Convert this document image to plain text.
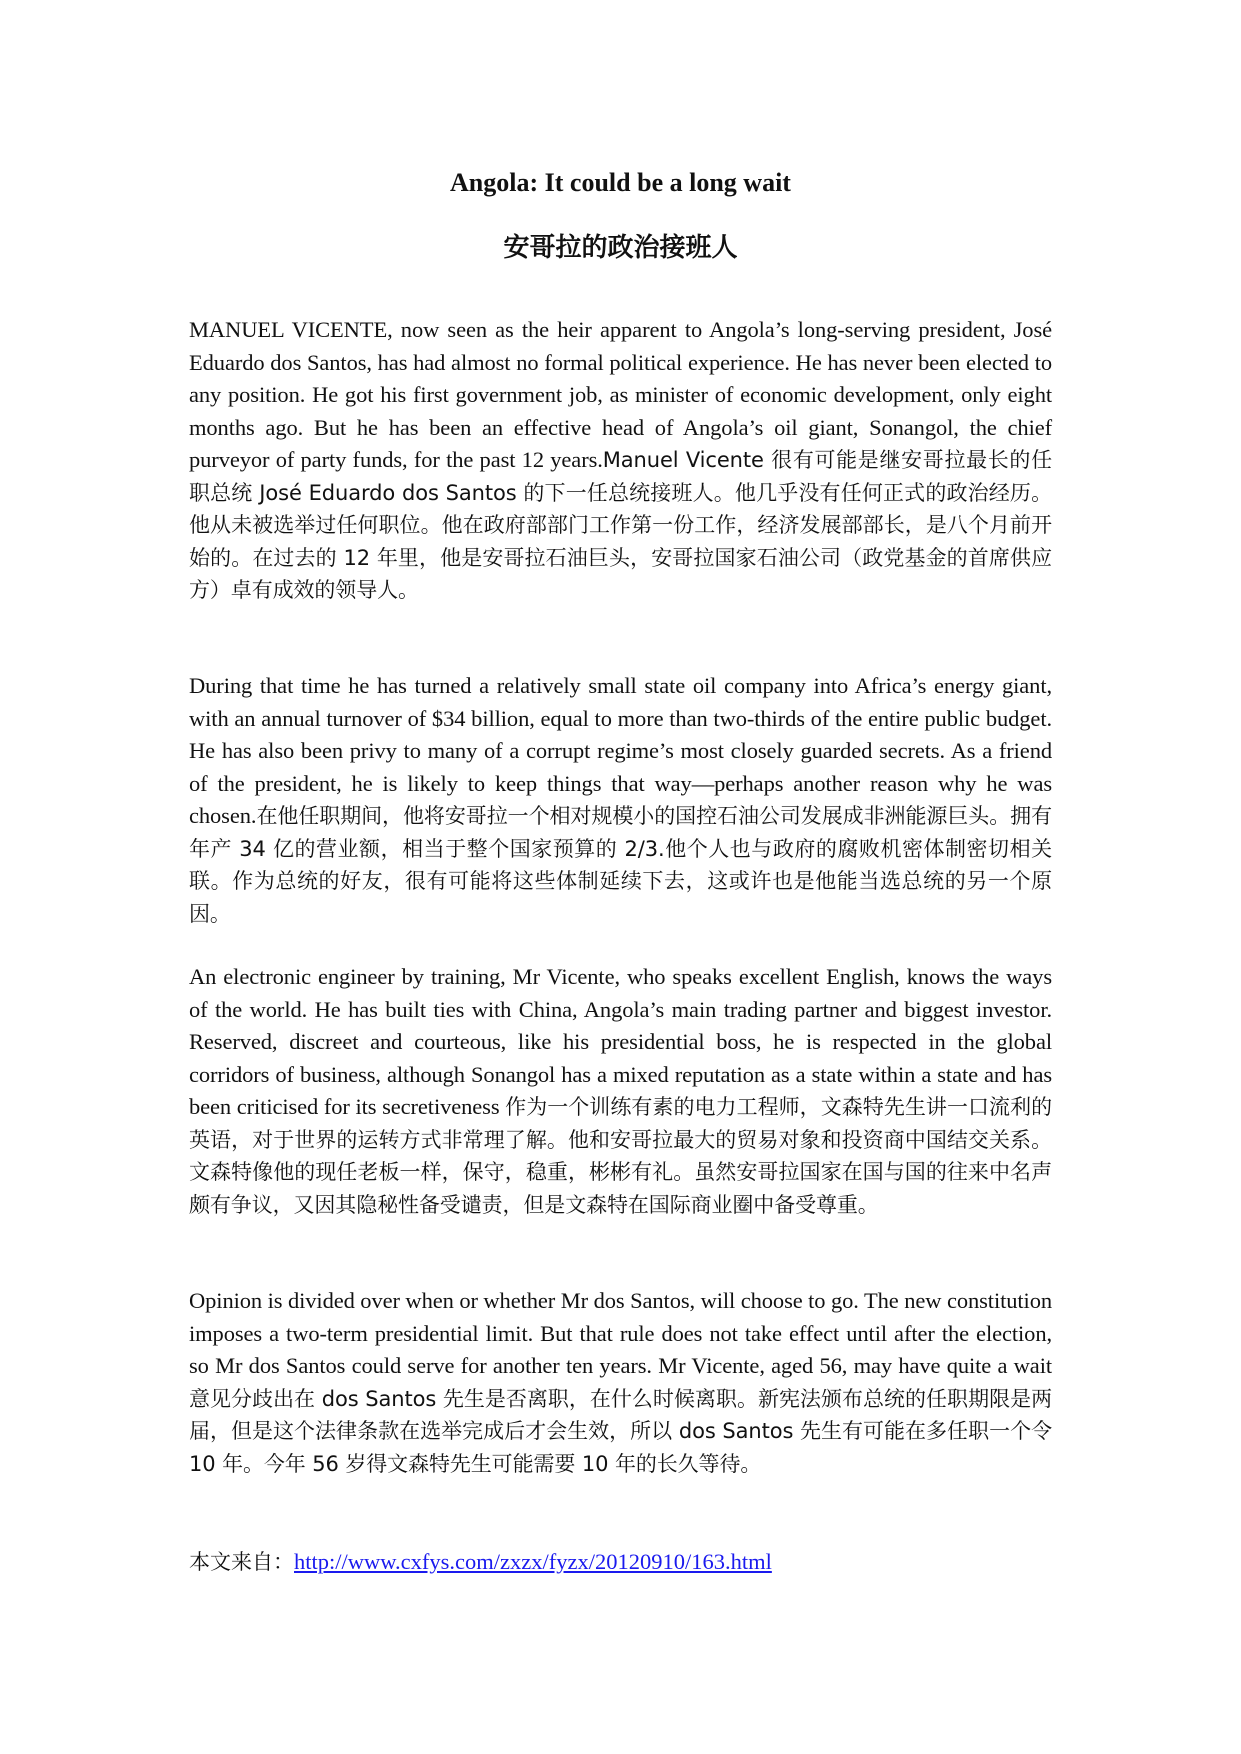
Angola: It could be a long wait
安哥拉的政治接班人

MANUEL VICENTE, now seen as the heir apparent to Angola’s long-serving president, José Eduardo dos Santos, has had almost no formal political experience. He has never been elected to any position. He got his first government job, as minister of economic development, only eight months ago. But he has been an effective head of Angola’s oil giant, Sonangol, the chief purveyor of party funds, for the past 12 years.Manuel Vicente 很有可能是继安哥拉最长的任职总统 José Eduardo dos Santos 的下一任总统接班人。他几乎没有任何正式的政治经历。他从未被选举过任何职位。他在政府部部门工作第一份工作，经济发展部部长，是八个月前开始的。在过去的 12 年里，他是安哥拉石油巨头，安哥拉国家石油公司（政党基金的首席供应方）卓有成效的领导人。

During that time he has turned a relatively small state oil company into Africa’s energy giant, with an annual turnover of $34 billion, equal to more than two-thirds of the entire public budget. He has also been privy to many of a corrupt regime’s most closely guarded secrets. As a friend of the president, he is likely to keep things that way—perhaps another reason why he was chosen.在他任职期间，他将安哥拉一个相对规模小的国控石油公司发展成非洲能源巨头。拥有年产 34 亿的营业额，相当于整个国家预算的 2/3.他个人也与政府的腐败机密体制密切相关联。作为总统的好友，很有可能将这些体制延续下去，这或许也是他能当选总统的另一个原因。

An electronic engineer by training, Mr Vicente, who speaks excellent English, knows the ways of the world. He has built ties with China, Angola’s main trading partner and biggest investor. Reserved, discreet and courteous, like his presidential boss, he is respected in the global corridors of business, although Sonangol has a mixed reputation as a state within a state and has been criticised for its secretiveness 作为一个训练有素的电力工程师，文森特先生讲一口流利的英语，对于世界的运转方式非常理了解。他和安哥拉最大的贸易对象和投资商中国结交关系。文森特像他的现任老板一样，保守，稳重，彬彬有礼。虽然安哥拉国家在国与国的往来中名声颇有争议，又因其隐秘性备受谴责，但是文森特在国际商业圈中备受尊重。

Opinion is divided over when or whether Mr dos Santos, will choose to go. The new constitution imposes a two-term presidential limit. But that rule does not take effect until after the election, so Mr dos Santos could serve for another ten years. Mr Vicente, aged 56, may have quite a wait 意见分歧出在 dos Santos 先生是否离职，在什么时候离职。新宪法颁布总统的任职期限是两届，但是这个法律条款在选举完成后才会生效，所以 dos Santos 先生有可能在多任职一个令 10 年。今年 56 岁得文森特先生可能需要 10 年的长久等待。

本文来自：http://www.cxfys.com/zxzx/fyzx/20120910/163.html
